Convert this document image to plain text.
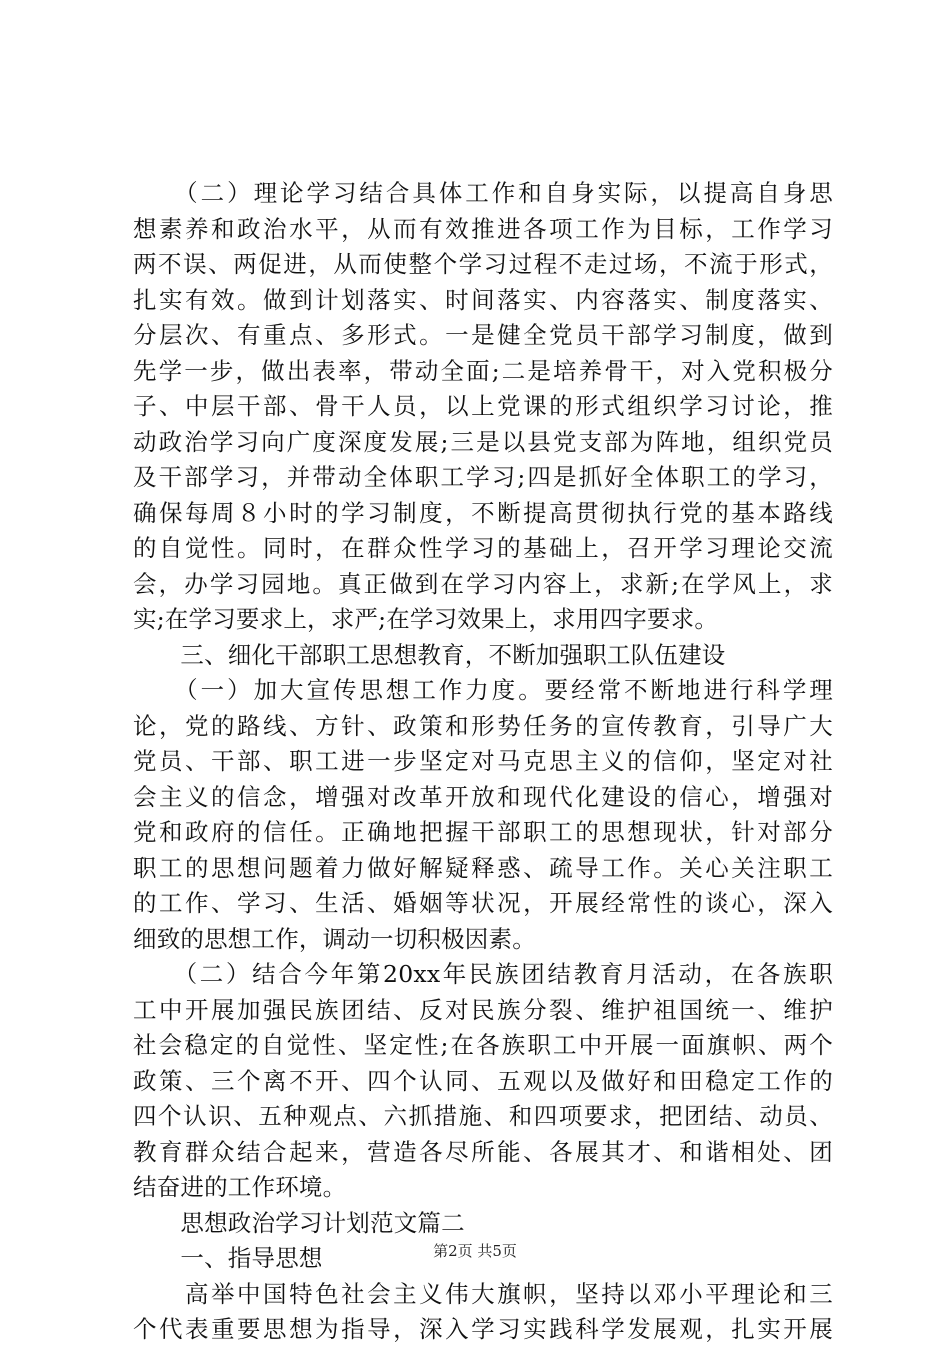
　　（二）理论学习结合具体工作和自身实际，以提高自身思
想素养和政治水平，从而有效推进各项工作为目标，工作学习
两不误、两促进，从而使整个学习过程不走过场，不流于形式，
扎实有效。做到计划落实、时间落实、内容落实、制度落实、
分层次、有重点、多形式。一是健全党员干部学习制度，做到
先学一步，做出表率，带动全面;二是培养骨干，对入党积极分
子、中层干部、骨干人员，以上党课的形式组织学习讨论，推
动政治学习向广度深度发展;三是以县党支部为阵地，组织党员
及干部学习，并带动全体职工学习;四是抓好全体职工的学习，
确保每周８小时的学习制度，不断提高贯彻执行党的基本路线
的自觉性。同时，在群众性学习的基础上，召开学习理论交流
会，办学习园地。真正做到在学习内容上，求新;在学风上，求
实;在学习要求上，求严;在学习效果上，求用四字要求。
　　三、细化干部职工思想教育，不断加强职工队伍建设
　　（一）加大宣传思想工作力度。要经常不断地进行科学理
论，党的路线、方针、政策和形势任务的宣传教育，引导广大
党员、干部、职工进一步坚定对马克思主义的信仰，坚定对社
会主义的信念，增强对改革开放和现代化建设的信心，增强对
党和政府的信任。正确地把握干部职工的思想现状，针对部分
职工的思想问题着力做好解疑释惑、疏导工作。关心关注职工
的工作、学习、生活、婚姻等状况，开展经常性的谈心，深入
细致的思想工作，调动一切积极因素。
　　（二）结合今年第20xx年民族团结教育月活动，在各族职
工中开展加强民族团结、反对民族分裂、维护祖国统一、维护
社会稳定的自觉性、坚定性;在各族职工中开展一面旗帜、两个
政策、三个离不开、四个认同、五观以及做好和田稳定工作的
四个认识、五种观点、六抓措施、和四项要求，把团结、动员、
教育群众结合起来，营造各尽所能、各展其才、和谐相处、团
结奋进的工作环境。
　　思想政治学习计划范文篇二
　　一、指导思想
　　高举中国特色社会主义伟大旗帜，坚持以邓小平理论和三
个代表重要思想为指导，深入学习实践科学发展观，扎实开展
第2页 共5页
